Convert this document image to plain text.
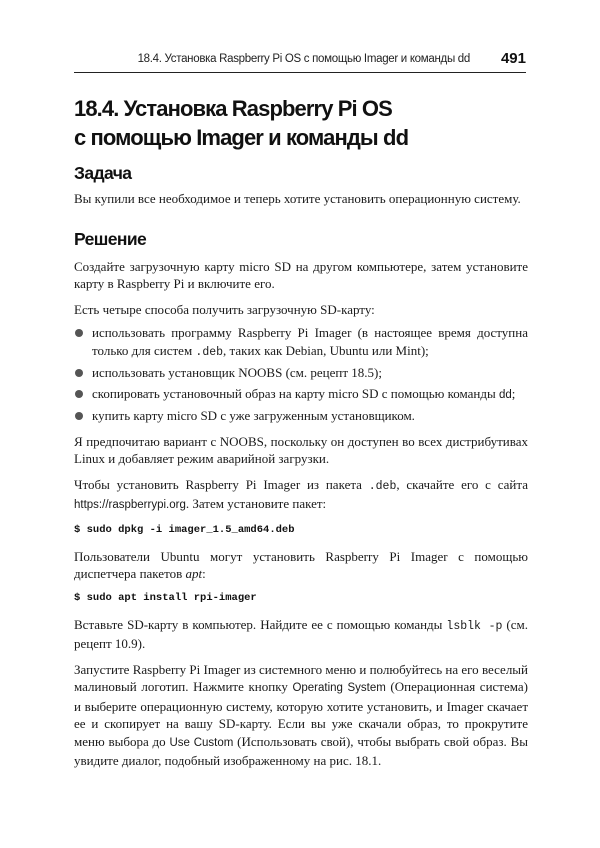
18.4. Установка Raspberry Pi OS с помощью Imager и команды dd 491
18.4. Установка Raspberry Pi OS
с помощью Imager и команды dd
Задача

Вы купили все необходимое и теперь хотите установить операционную систему.

Решение

Создайте загрузочную карту micro SD на другом компьютере, затем установите карту в Raspberry Pi и включите его.

Есть четыре способа получить загрузочную SD-карту:

использовать программу Raspberry Pi Imager (в настоящее время доступна только для систем .deb, таких как Debian, Ubuntu или Mint);
использовать установщик NOOBS (см. рецепт 18.5);
скопировать установочный образ на карту micro SD с помощью команды dd;
купить карту micro SD с уже загруженным установщиком.

Я предпочитаю вариант с NOOBS, поскольку он доступен во всех дистрибутивах Linux и добавляет режим аварийной загрузки.

Чтобы установить Raspberry Pi Imager из пакета .deb, скачайте его с сайта https://raspberrypi.org. Затем установите пакет:

$ sudo dpkg -i imager_1.5_amd64.deb

Пользователи Ubuntu могут установить Raspberry Pi Imager с помощью диспетчера пакетов apt:

$ sudo apt install rpi-imager

Вставьте SD-карту в компьютер. Найдите ее с помощью команды lsblk -p (см. рецепт 10.9).

Запустите Raspberry Pi Imager из системного меню и полюбуйтесь на его веселый малиновый логотип. Нажмите кнопку Operating System (Операционная система) и выберите операционную систему, которую хотите установить, и Imager скачает ее и скопирует на вашу SD-карту. Если вы уже скачали образ, то прокрутите меню выбора до Use Custom (Использовать свой), чтобы выбрать свой образ. Вы увидите диалог, подобный изображенному на рис. 18.1.
